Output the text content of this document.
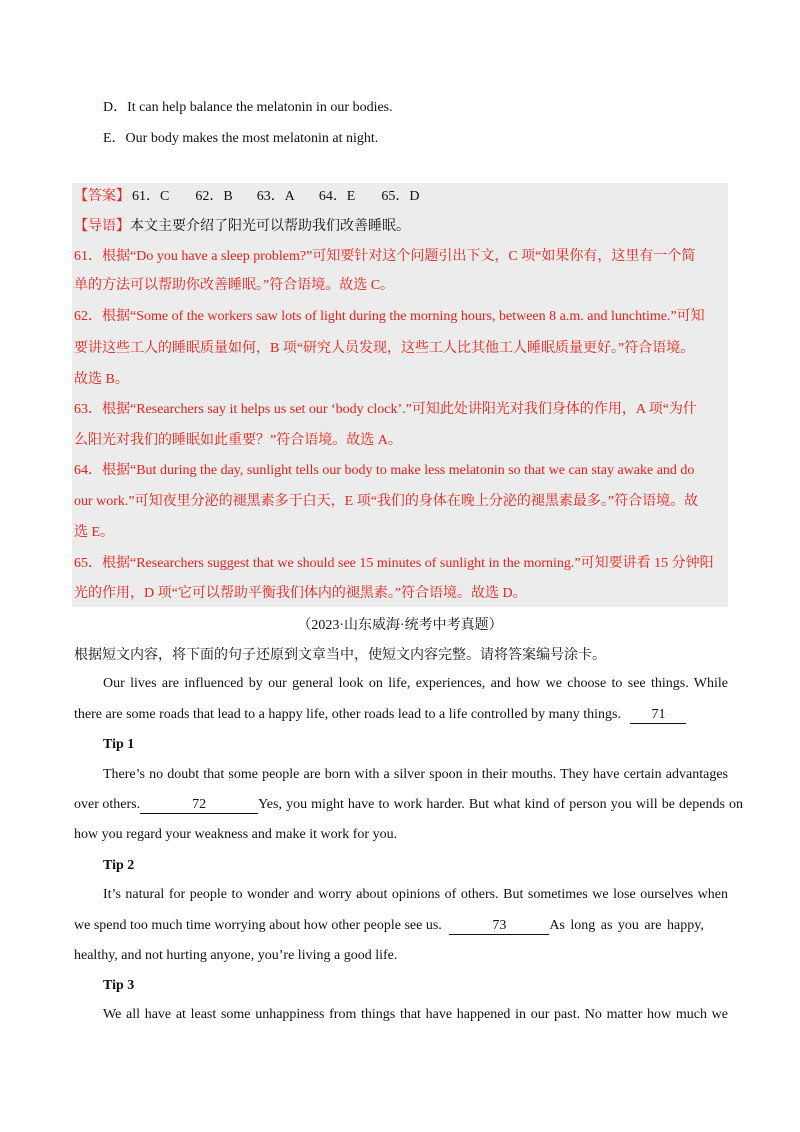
D．It can help balance the melatonin in our bodies.
E．Our body makes the most melatonin at night.
【答案】 61．C 62．B 63．A 64．E 65．D
【导语】本文主要介绍了阳光可以帮助我们改善睡眠。
61．根据“Do you have a sleep problem?”可知要针对这个问题引出下文，C 项“如果你有，这里有一个简
单的方法可以帮助你改善睡眠。”符合语境。故选 C。
62．根据“Some of the workers saw lots of light during the morning hours, between 8 a.m. and lunchtime.”可知
要讲这些工人的睡眠质量如何，B 项“研究人员发现，这些工人比其他工人睡眠质量更好。”符合语境。
故选 B。
63．根据“Researchers say it helps us set our ‘body clock’.”可知此处讲阳光对我们身体的作用，A 项“为什
么阳光对我们的睡眠如此重要？”符合语境。故选 A。
64．根据“But during the day, sunlight tells our body to make less melatonin so that we can stay awake and do
our work.”可知夜里分泌的褪黑素多于白天，E 项“我们的身体在晚上分泌的褪黑素最多。”符合语境。故
选 E。
65．根据“Researchers suggest that we should see 15 minutes of sunlight in the morning.”可知要讲看 15 分钟阳
光的作用，D 项“它可以帮助平衡我们体内的褪黑素。”符合语境。故选 D。
（2023·山东威海·统考中考真题）
根据短文内容，将下面的句子还原到文章当中，使短文内容完整。请将答案编号涂卡。
Our lives are influenced by our general look on life, experiences, and how we choose to see things. While
there are some roads that lead to a happy life, other roads lead to a life controlled by many things. 71
Tip 1
There’s no doubt that some people are born with a silver spoon in their mouths. They have certain advantages
over others.	72	Yes, you might have to work harder. But what kind of person you will be depends on
how you regard your weakness and make it work for you.
Tip 2
It’s natural for people to wonder and worry about opinions of others. But sometimes we lose ourselves when
we spend too much time worrying about how other people see us.	73	As long as you are happy,
healthy, and not hurting anyone, you’re living a good life.
Tip 3
We all have at least some unhappiness from things that have happened in our past. No matter how much we
